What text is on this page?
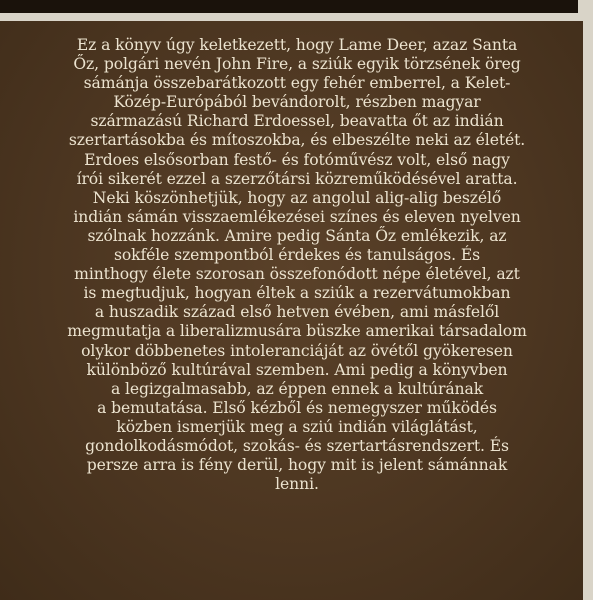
Ez a könyv úgy keletkezett, hogy Lame Deer, azaz Santa
Őz, polgári nevén John Fire, a sziúk egyik törzsének öreg
sámánja összebarátkozott egy fehér emberrel, a Kelet-
Közép-Európából bevándorolt, részben magyar
származású Richard Erdoessel, beavatta őt az indián
szertartásokba és mítoszokba, és elbeszélte neki az életét.
Erdoes elsősorban festő- és fotóművész volt, első nagy
írói sikerét ezzel a szerzőtársi közreműködésével aratta.
Neki köszönhetjük, hogy az angolul alig-alig beszélő
indián sámán visszaemlékezései színes és eleven nyelven
szólnak hozzánk. Amire pedig Sánta Őz emlékezik, az
sokféle szempontból érdekes és tanulságos. És
minthogy élete szorosan összefonódott népe életével, azt
is megtudjuk, hogyan éltek a sziúk a rezervátumokban
a huszadik század első hetven évében, ami másfelől
megmutatja a liberalizmusára büszke amerikai társadalom
olykor döbbenetes intoleranciáját az övétől gyökeresen
különböző kultúrával szemben. Ami pedig a könyvben
a legizgalmasabb, az éppen ennek a kultúrának
a bemutatása. Első kézből és nemegyszer működés
közben ismerjük meg a sziú indián világlátást,
gondolkodásmódot, szokás- és szertartásrendszert. És
persze arra is fény derül, hogy mit is jelent sámánnak
lenni.
